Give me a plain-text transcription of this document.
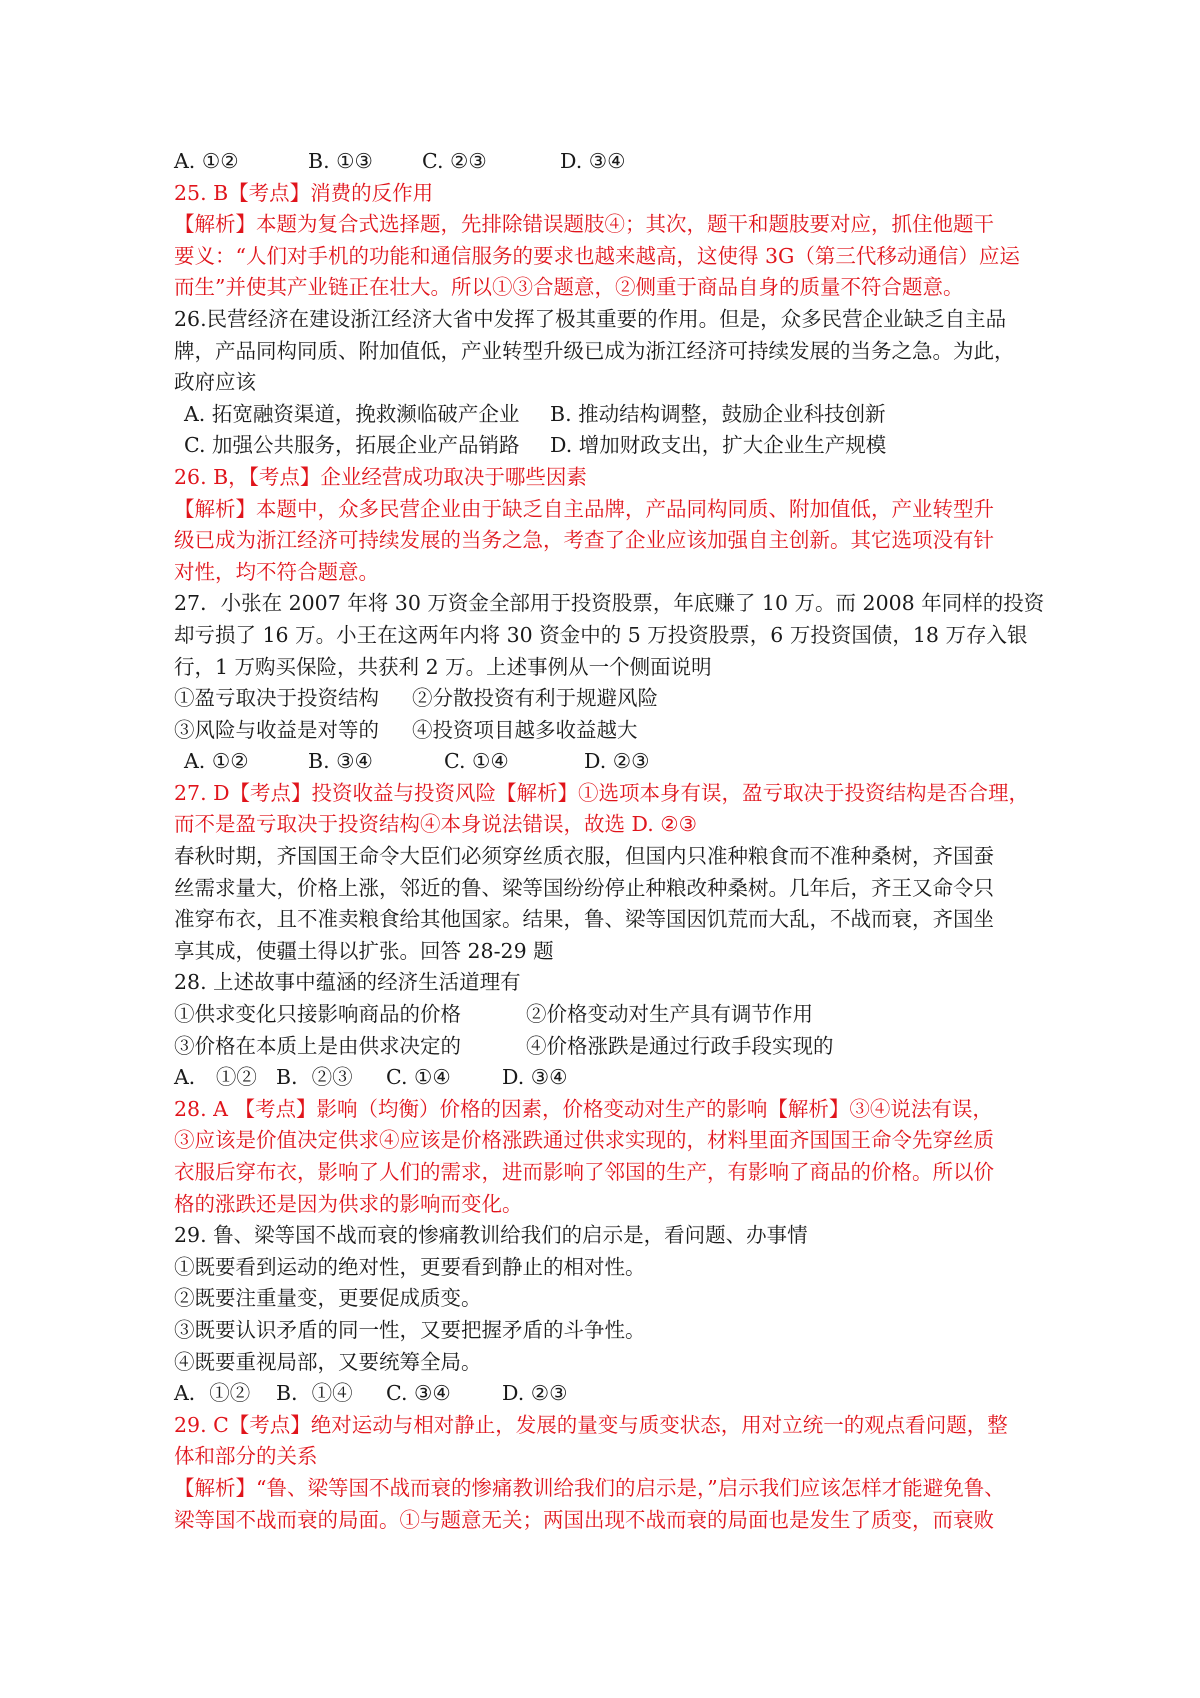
A. ①②	B. ①③	C. ②③	D. ③④
25. B【考点】消费的反作用
【解析】本题为复合式选择题，先排除错误题肢④；其次，题干和题肢要对应，抓住他题干
要义：“人们对手机的功能和通信服务的要求也越来越高，这使得 3G（第三代移动通信）应运
而生”并使其产业链正在壮大。所以①③合题意，②侧重于商品自身的质量不符合题意。
26.民营经济在建设浙江经济大省中发挥了极其重要的作用。但是，众多民营企业缺乏自主品
牌，产品同构同质、附加值低，产业转型升级已成为浙江经济可持续发展的当务之急。为此，
政府应该
A. 拓宽融资渠道，挽救濒临破产企业	B. 推动结构调整，鼓励企业科技创新
C. 加强公共服务，拓展企业产品销路	D. 增加财政支出，扩大企业生产规模
26. B，【考点】企业经营成功取决于哪些因素
【解析】本题中，众多民营企业由于缺乏自主品牌，产品同构同质、附加值低，产业转型升
级已成为浙江经济可持续发展的当务之急，考查了企业应该加强自主创新。其它选项没有针
对性，均不符合题意。
27．小张在 2007 年将 30 万资金全部用于投资股票，年底赚了 10 万。而 2008 年同样的投资
却亏损了 16 万。小王在这两年内将 30 资金中的 5 万投资股票，6 万投资国债，18 万存入银
行，1 万购买保险，共获利 2 万。上述事例从一个侧面说明
①盈亏取决于投资结构	②分散投资有利于规避风险
③风险与收益是对等的	④投资项目越多收益越大
A. ①②	B. ③④	C. ①④	D. ②③
27. D【考点】投资收益与投资风险【解析】①选项本身有误，盈亏取决于投资结构是否合理，
而不是盈亏取决于投资结构④本身说法错误，故选 D. ②③
春秋时期，齐国国王命令大臣们必须穿丝质衣服，但国内只准种粮食而不准种桑树，齐国蚕
丝需求量大，价格上涨，邻近的鲁、梁等国纷纷停止种粮改种桑树。几年后，齐王又命令只
准穿布衣，且不准卖粮食给其他国家。结果，鲁、梁等国因饥荒而大乱，不战而衰，齐国坐
享其成，使疆土得以扩张。回答 28-29 题
28. 上述故事中蕴涵的经济生活道理有
①供求变化只接影响商品的价格	②价格变动对生产具有调节作用
③价格在本质上是由供求决定的	④价格涨跌是通过行政手段实现的
A． ①② B．②③	C. ①④	D. ③④
28. A 【考点】影响（均衡）价格的因素，价格变动对生产的影响【解析】③④说法有误，
③应该是价值决定供求④应该是价格涨跌通过供求实现的，材料里面齐国国王命令先穿丝质
衣服后穿布衣，影响了人们的需求，进而影响了邻国的生产，有影响了商品的价格。所以价
格的涨跌还是因为供求的影响而变化。
29. 鲁、梁等国不战而衰的惨痛教训给我们的启示是，看问题、办事情
①既要看到运动的绝对性，更要看到静止的相对性。
②既要注重量变，更要促成质变。
③既要认识矛盾的同一性，又要把握矛盾的斗争性。
④既要重视局部，又要统筹全局。
A．①②	B．①④	C. ③④	D. ②③
29. C【考点】绝对运动与相对静止，发展的量变与质变状态，用对立统一的观点看问题，整
体和部分的关系
【解析】“鲁、梁等国不战而衰的惨痛教训给我们的启示是，”启示我们应该怎样才能避免鲁、
梁等国不战而衰的局面。①与题意无关；两国出现不战而衰的局面也是发生了质变，而衰败
